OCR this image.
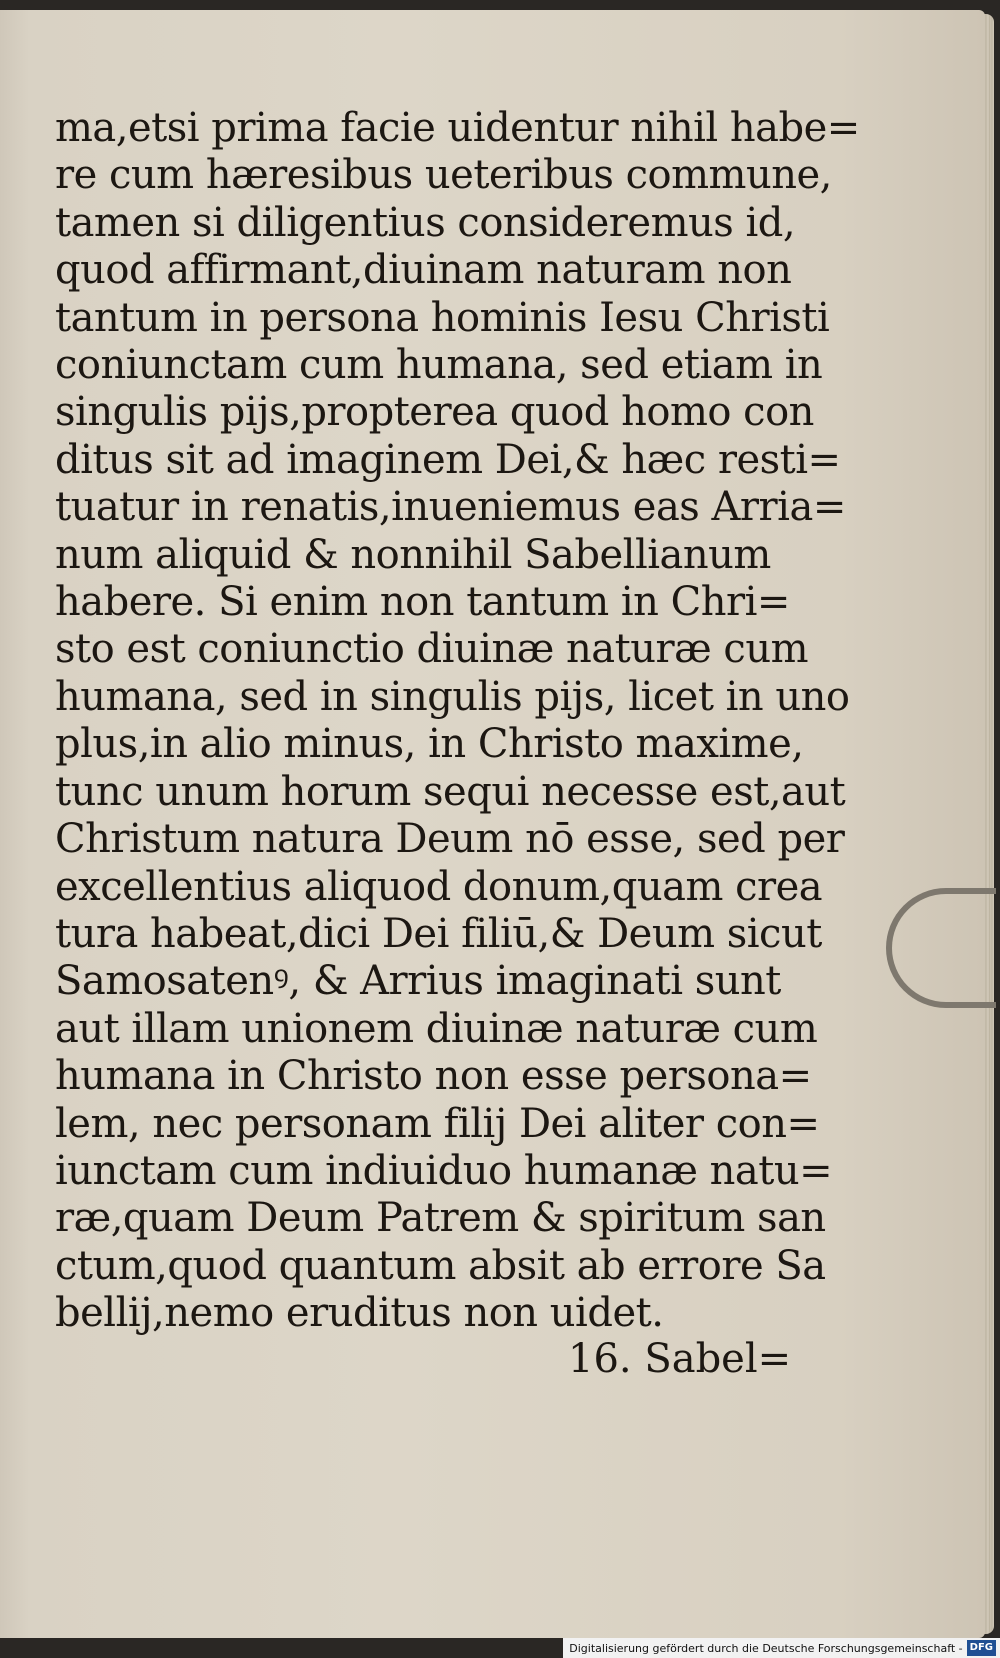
ma,etsi prima facie uidentur nihil habe=
re cum hæresibus ueteribus commune,
tamen si diligentius consideremus id,
quod affirmant,diuinam naturam non
tantum in persona hominis Iesu Christi
coniunctam cum humana, sed etiam in
singulis pijs,propterea quod homo con
ditus sit ad imaginem Dei,& hæc resti=
tuatur in renatis,inueniemus eas Arria=
num aliquid & nonnihil Sabellianum
habere. Si enim non tantum in Chri=
sto est coniunctio diuinæ naturæ cum
humana, sed in singulis pijs, licet in uno
plus,in alio minus, in Christo maxime,
tunc unum horum sequi necesse est,aut
Christum natura Deum nō esse, sed per
excellentius aliquod donum,quam crea
tura habeat,dici Dei filiū,& Deum sicut
Samosatenꝰ, & Arrius imaginati sunt
aut illam unionem diuinæ naturæ cum
humana in Christo non esse persona=
lem, nec personam filij Dei aliter con=
iunctam cum indiuiduo humanæ natu=
ræ,quam Deum Patrem & spiritum san
ctum,quod quantum absit ab errore Sa
bellij,nemo eruditus non uidet.
16. Sabel=
Digitalisierung gefördert durch die Deutsche Forschungsgemeinschaft - DFG
